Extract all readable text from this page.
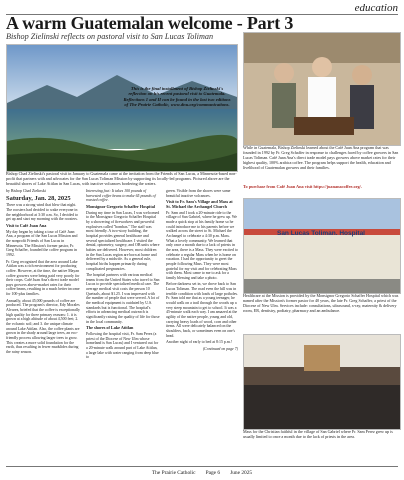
education
A warm Guatemalan welcome - Part 3
Bishop Zielinski reflects on pastoral visit to San Lucas Toliman
This is the final installment of Bishop Zielinski's reflection on his recent pastoral visit to Guatemala. Reflections 1 and II can be found in the last two editions of The Prairie Catholic, www.dnu.org/communications.
Bishop Chad Zielinski's pastoral visit in January to Guatemala came at the invitation from the Friends of San Lucas, a Minnesota-based non-profit that partners with and advocates for the San Lucas Toliman Mission by supporting its locally-led programs. Pictured above are the beautiful shores of Lake Atitlan in San Lucas, with inactive volcanoes bordering the waters.
While in Guatemala, Bishop Zielinski learned about the Café Juan Ana program that was founded in 1992 by Fr. Greg Schaffer in response to challenges faced by coffee growers in San Lucas Toliman. Café Juan Ana's direct trade model pays growers above market rates for their highest quality, 100% arabica coffee. The program helps support the health, education and livelihood of Guatemalan growers and their families.
To purchase from Café Juan Ana visit https://juananacoffee.org/.
San Lucas Toliman. Hospital
Healthcare at the Mission is provided by the Monsignor Gregorio Schaffer Hospital which was named after the Mission's former pastor for 40 years, the late Fr. Greg Schaffer, a priest of the Diocese of New Ulm. Services include: consultations, ultrasound, x-ray, maternity & delivery room, ER, dentistry, podiatry, pharmacy and an ambulance.
Mass for the Christian faithful in the village of San Gabriel where Fr. Sam Perez grew up is usually limited to once a month due to the lack of priests in the area.

by Bishop Chad Zielinski

Saturday, Jan. 28, 2025

There was a strong wind that blew that night. The roosters had decided to wake everyone in the neighborhood at 3:30 a.m. So, I decided to get up and start my morning with the roosters.

Visit to Café Juan Ana

My day began by taking a tour of Café Juan Ana, a program of the San Lucas Mission and the nonprofit Friends of San Lucas in Minnesota. The Mission's former pastor, Fr. Greg Schaffer, founded the coffee program in 1992.

Fr. Greg recognized that the area around Lake Atitlan was a rich environment for producing coffee. However, at the time, the native Mayan coffee growers were being paid very poorly for their crops. Café Juan Ana's direct trade model pays growers above-market rates for their coffee beans, resulting in a much better income for 100-plus families.

Annually, about 45,000 pounds of coffee are produced. The program's director, Edy Morales Alvarez, briefed that the coffee is exceptionally high quality for three primary reasons: 1. it is grown at a high altitude of about 4,500 feet; 2. the volcanic soil; and 3. the unique climate around Lake Atitlan. Also, the coffee plants are grown in the shady around large trees, an eco-friendly process allowing larger trees to grow. This creates a more solid foundation for the earth, thus resulting in fewer mudslides during the rainy season.

Interesting fact: It takes 100 pounds of harvested coffee beans to make 65 pounds of roasted coffee.

Monsignor Gregorio Schaffer Hospital

During my time in San Lucas, I was welcomed to the Monsignor Gregorio Schaffer Hospital by a showering of fireworkers and powerful explosives called "bombas." The staff was most friendly. A two-story building, the hospital provides general healthcare and several specialized healthcare. I visited the dental, optometry, surgery, and OB units where babies are delivered. However, most children in the San Lucas region are born at home and delivered by a midwife. As a general rule, hospital births happen primarily during complicated pregnancies.

The hospital partners with various medical teams from the United States who travel to San Lucas to provide specialized medical care. The average medical visit costs the person 10 Quetzals, about $1.25. I was impressed with the number of people that were served. A lot of the medical equipment is outdated by U.S. standards but is functional. The hospital's efforts in advancing medical outreach is significantly raising the quality of life for those in the local community.

The shores of Lake Atitlan

Following the hospital visit, Fr. Sam Perez (a priest of the Diocese of New Ulm whose homeland is San Lucas) and I ventured out for a 20-minute walk around part of Lake Atitlan, a large lake with water ranging from deep blue to

green. Visible from the shores were some beautiful inactive volcanoes.

Visit to Fr. Sam's Village and Mass at St. Michael the Archangel Church

Fr. Sam and I took a 20-minute ride to the village of San Gabriel, where he grew up. We made a quick stop at his family home so he could introduce me to his parents before we walked across the street to St. Michael the Archangel to celebrate a 4:30 p.m. Mass. What a lovely community. We learned that only once a month due to a lack of priests in the area, there is a Mass. They were excited to celebrate a regular Mass when he is home on vacation. I had the opportunity to greet the people following Mass. They were most grateful for my visit and for celebrating Mass with them. Most came to me to ask for a family blessing and take a photo.

Before darkness set in, we drove back to San Lucas Toliman. The road even the hill was in terrible condition with loads of large potholes. Fr. Sam told me that as a young teenager, he would walk on a trail through the woods up a very steep mountain to get to school. It was a 45-minute walk each way. I am amazed at the agility of the native people, young and old, carrying heavy loads of wood, corn and other items. All were delicately balanced on the shoulders, back, or sometimes even on one's head.

Another night of early to bed at 8:15 p.m.!

(Continued on page 7)

The Prairie Catholic Page 6 June 2025
